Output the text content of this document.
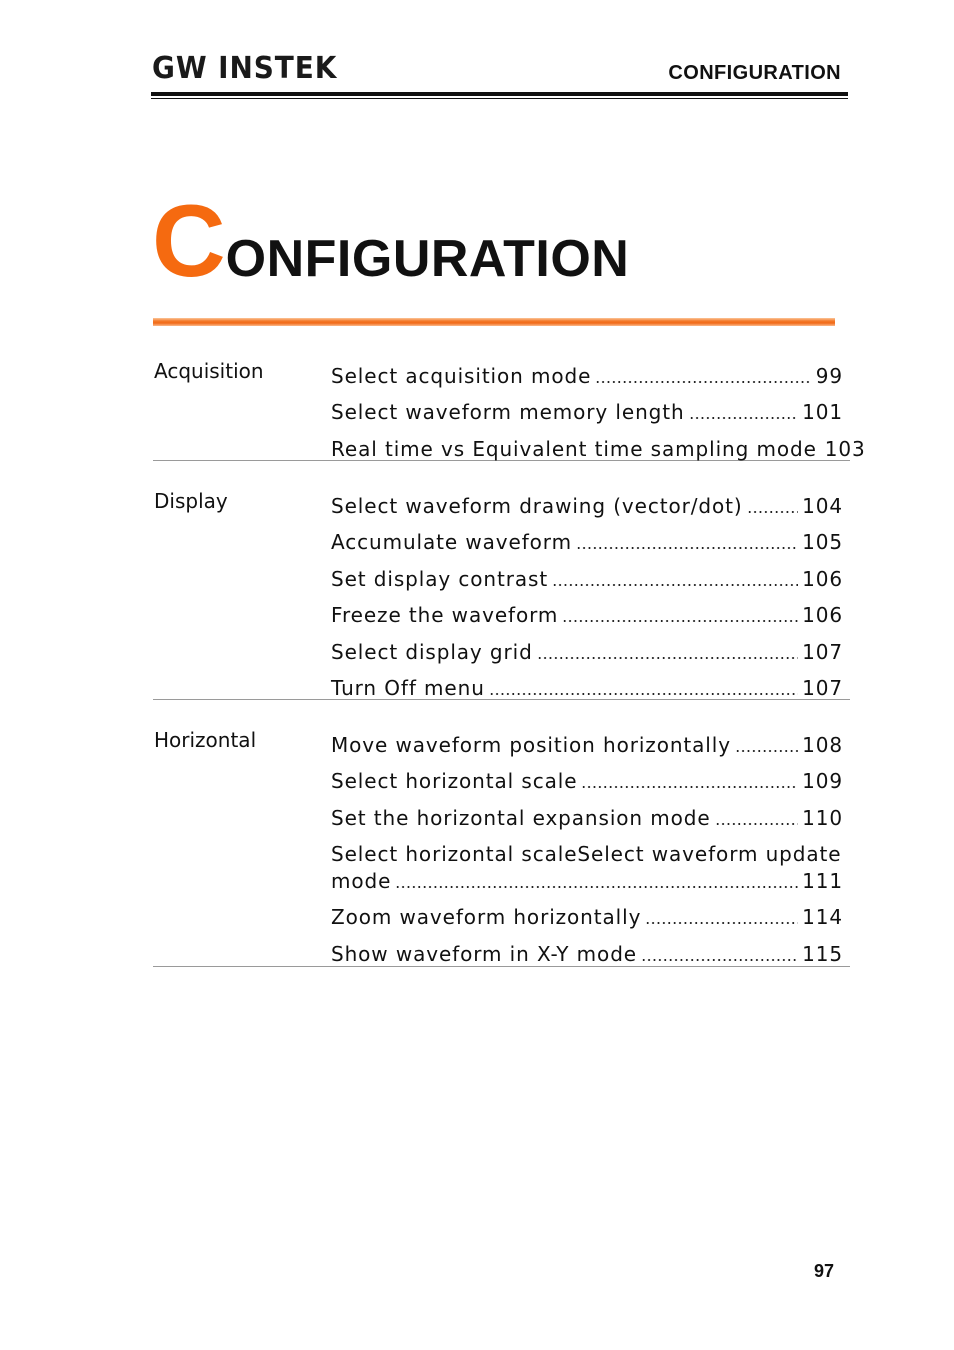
GW INSTEK	CONFIGURATION
CONFIGURATION
Acquisition	Select acquisition mode	99
Select waveform memory length	101
Real time vs Equivalent time sampling mode 103
Display	Select waveform drawing (vector/dot)	104
Accumulate waveform	105
Set display contrast	106
Freeze the waveform	106
Select display grid	107
Turn Off menu	107
Horizontal	Move waveform position horizontally	108
Select horizontal scale	109
Set the horizontal expansion mode	110
Select horizontal scaleSelect waveform update
mode	111
Zoom waveform horizontally	114
Show waveform in X-Y mode	115
97
